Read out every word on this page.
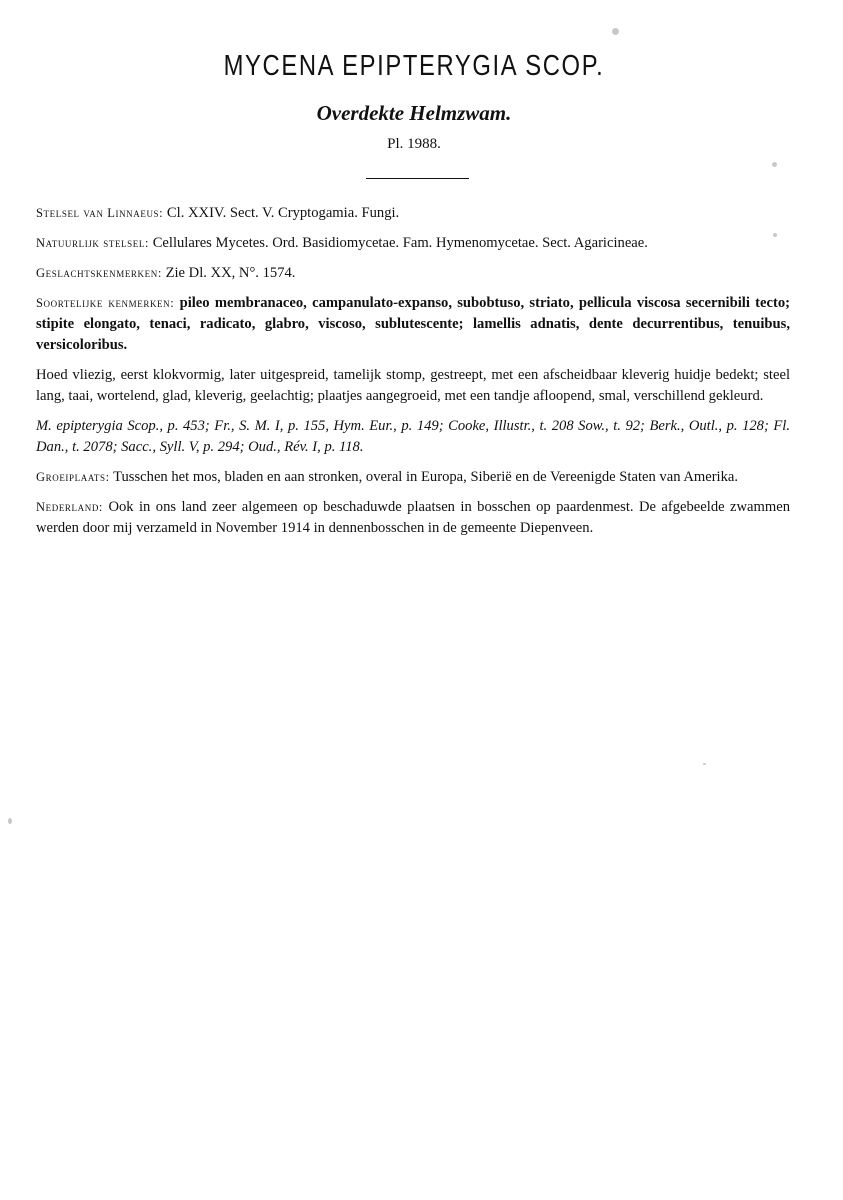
MYCENA EPIPTERYGIA SCOP.
Overdekte Helmzwam.
Pl. 1988.

Stelsel van Linnaeus: Cl. XXIV. Sect. V. Cryptogamia. Fungi.

Natuurlijk stelsel: Cellulares Mycetes. Ord. Basidiomycetae. Fam. Hymenomycetae. Sect. Agaricineae.

Geslachtskenmerken: Zie Dl. XX, N°. 1574.

Soortelijke kenmerken: pileo membranaceo, campanulato-expanso, subobtuso, striato, pellicula viscosa secernibili tecto; stipite elongato, tenaci, radicato, glabro, viscoso, sublutescente; lamellis adnatis, dente decurrentibus, tenuibus, versicoloribus.

Hoed vliezig, eerst klokvormig, later uitgespreid, tamelijk stomp, gestreept, met een afscheidbaar kleverig huidje bedekt; steel lang, taai, wortelend, glad, kleverig, geelachtig; plaatjes aangegroeid, met een tandje afloopend, smal, verschillend gekleurd.

M. epipterygia Scop., p. 453; Fr., S. M. I, p. 155, Hym. Eur., p. 149; Cooke, Illustr., t. 208 Sow., t. 92; Berk., Outl., p. 128; Fl. Dan., t. 2078; Sacc., Syll. V, p. 294; Oud., Rév. I, p. 118.

Groeiplaats: Tusschen het mos, bladen en aan stronken, overal in Europa, Siberië en de Vereenigde Staten van Amerika.

Nederland: Ook in ons land zeer algemeen op beschaduwde plaatsen in bosschen op paardenmest. De afgebeelde zwammen werden door mij verzameld in November 1914 in dennenbosschen in de gemeente Diepenveen.
